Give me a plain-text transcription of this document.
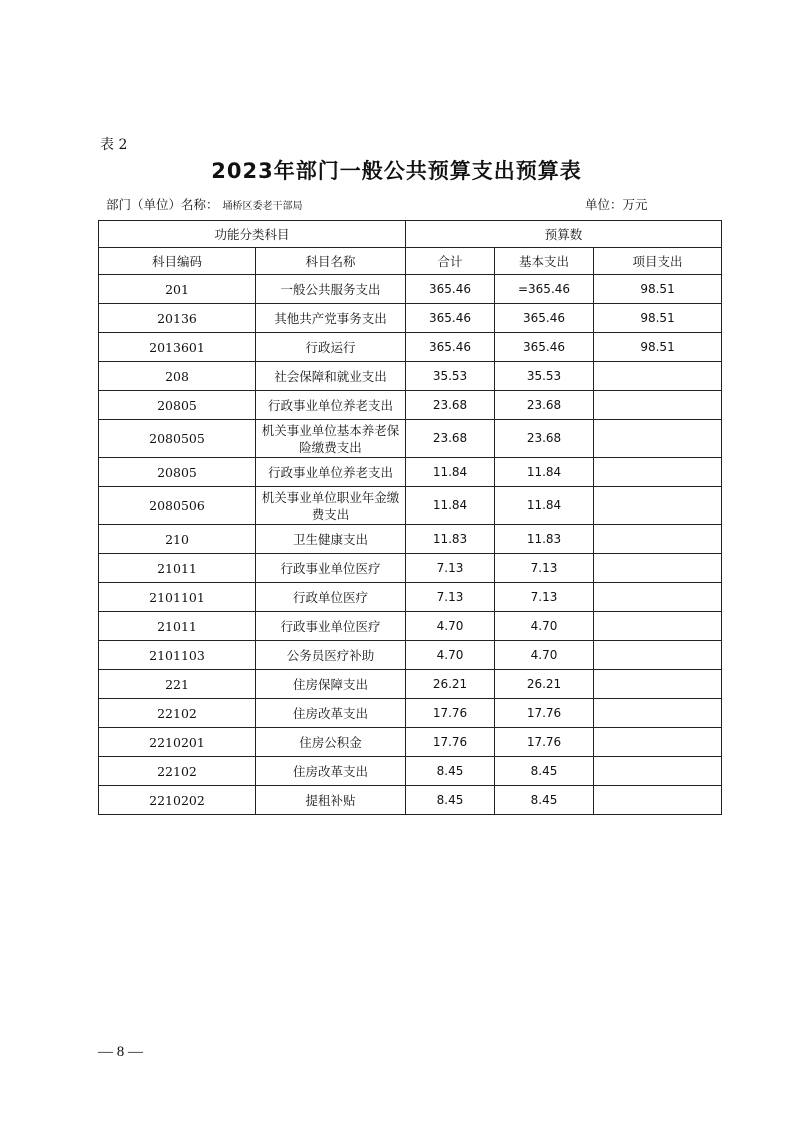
表 2
2023年部门一般公共预算支出预算表
部门（单位）名称： 埇桥区委老干部局	单位：万元
功能分类科目		预算数		
科目编码	科目名称	合计	基本支出	项目支出
201	一般公共服务支出	365.46	=365.46	98.51
20136	其他共产党事务支出	365.46	365.46	98.51
2013601	行政运行	365.46	365.46	98.51
208	社会保障和就业支出	35.53	35.53	
20805	行政事业单位养老支出	23.68	23.68	
2080505	机关事业单位基本养老保险缴费支出	23.68	23.68	
20805	行政事业单位养老支出	11.84	11.84	
2080506	机关事业单位职业年金缴费支出	11.84	11.84	
210	卫生健康支出	11.83	11.83	
21011	行政事业单位医疗	7.13	7.13	
2101101	行政单位医疗	7.13	7.13	
21011	行政事业单位医疗	4.70	4.70	
2101103	公务员医疗补助	4.70	4.70	
221	住房保障支出	26.21	26.21	
22102	住房改革支出	17.76	17.76	
2210201	住房公积金	17.76	17.76	
22102	住房改革支出	8.45	8.45	
2210202	提租补贴	8.45	8.45	
— 8 —
